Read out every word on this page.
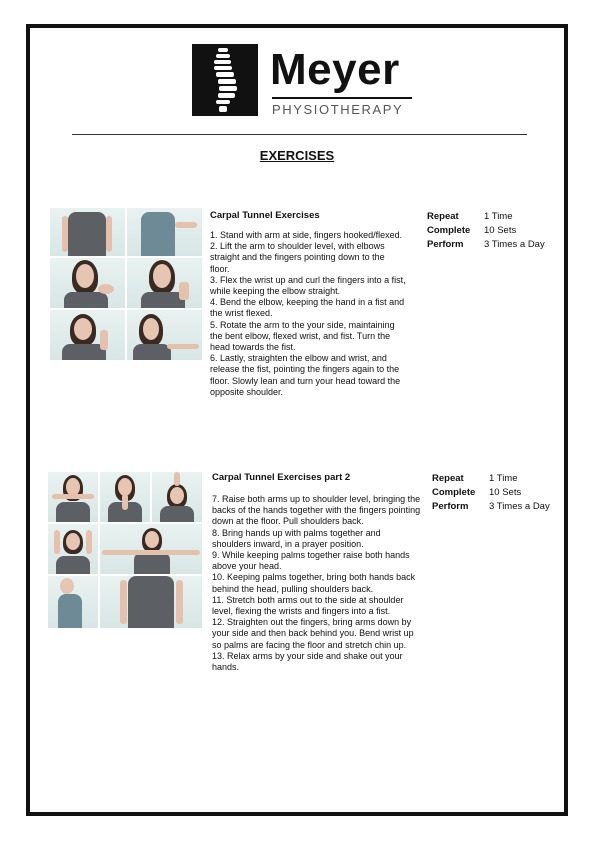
Meyer
PHYSIOTHERAPY
EXERCISES
Carpal Tunnel Exercises
1. Stand with arm at side, fingers hooked/flexed.
2. Lift the arm to shoulder level, with elbows straight and the fingers pointing down to the floor.
3. Flex the wrist up and curl the fingers into a fist, while keeping the elbow straight.
4. Bend the elbow, keeping the hand in a fist and the wrist flexed.
5. Rotate the arm to the your side, maintaining the bent elbow, flexed wrist, and fist. Turn the head towards the fist.
6. Lastly, straighten the elbow and wrist, and release the fist, pointing the fingers again to the floor. Slowly lean and turn your head toward the opposite shoulder.
Repeat	1 Time
Complete	10 Sets
Perform	3 Times a Day
Carpal Tunnel Exercises part 2
7. Raise both arms up to shoulder level, bringing the backs of the hands together with the fingers pointing down at the floor. Pull shoulders back.
8. Bring hands up with palms together and shoulders inward, in a prayer position.
9. While keeping palms together raise both hands above your head.
10. Keeping palms together, bring both hands back behind the head, pulling shoulders back.
11. Stretch both arms out to the side at shoulder level, flexing the wrists and fingers into a fist.
12. Straighten out the fingers, bring arms down by your side and then back behind you. Bend wrist up so palms are facing the floor and stretch chin up.
13. Relax arms by your side and shake out your hands.
Repeat	1 Time
Complete	10 Sets
Perform	3 Times a Day
